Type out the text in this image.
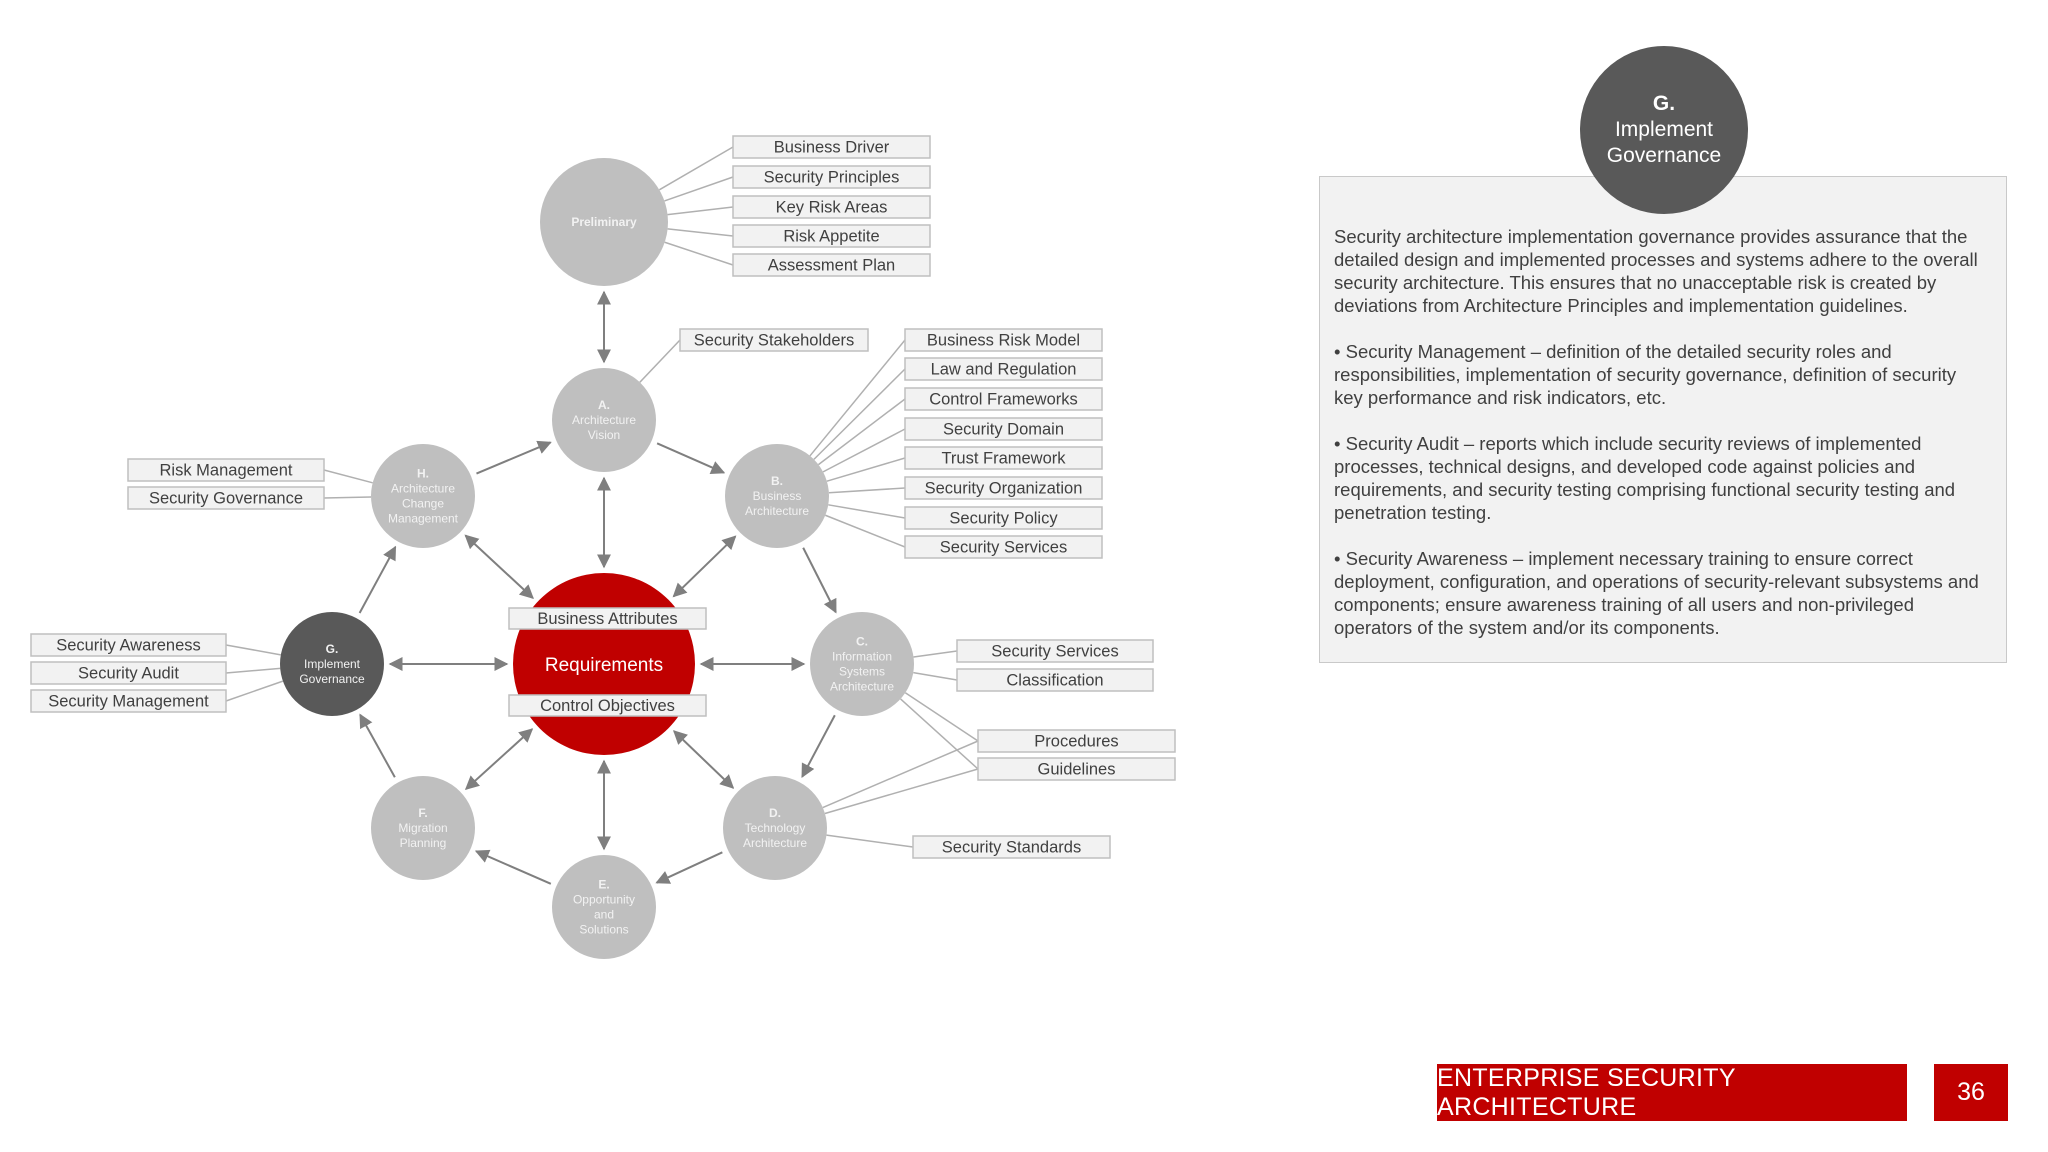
Preliminary
A.
Architecture
Vision
B.
Business
Architecture
C.
Information
Systems
Architecture
D.
Technology
Architecture
E.
Opportunity
and
Solutions
F.
Migration
Planning
G.
Implement
Governance
H.
Architecture
Change
Management
Requirements
Business Attributes
Control Objectives
Business Driver
Security Principles
Key Risk Areas
Risk Appetite
Assessment Plan
Security Stakeholders	Business Risk Model
Law and Regulation
Control Frameworks
Security Domain
Trust Framework
Security Organization
Security Policy
Security Services
Security Services
Classification
Procedures
Guidelines
Security Standards
Risk Management
Security Governance
Security Awareness
Security Audit
Security Management

Security architecture implementation governance provides assurance that the detailed design and implemented processes and systems adhere to the overall security architecture. This ensures that no unacceptable risk is created by deviations from Architecture Principles and implementation guidelines.

• Security Management – definition of the detailed security roles and responsibilities, implementation of security governance, definition of security key performance and risk indicators, etc.

• Security Audit – reports which include security reviews of implemented processes, technical designs, and developed code against policies and requirements, and security testing comprising functional security testing and penetration testing.

• Security Awareness – implement necessary training to ensure correct deployment, configuration, and operations of security-relevant subsystems and components; ensure awareness training of all users and non-privileged operators of the system and/or its components.

G.
Implement
Governance
ENTERPRISE SECURITY ARCHITECTURE
36
